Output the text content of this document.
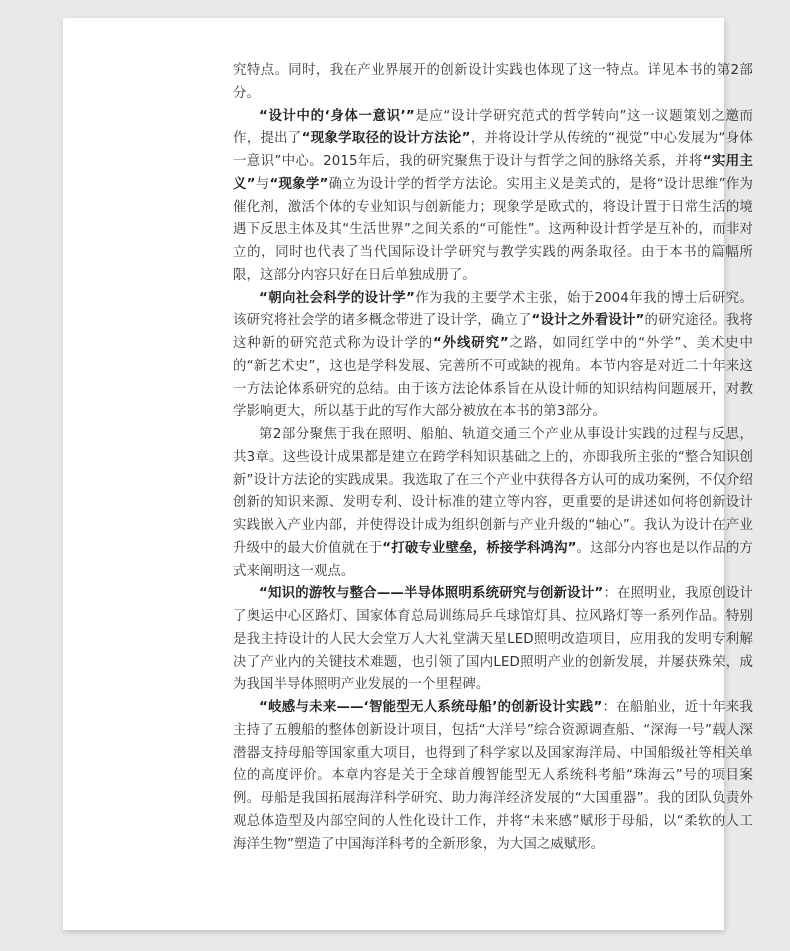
究特点。同时，我在产业界展开的创新设计实践也体现了这一特点。详见本书的第2部分。

“设计中的‘身体一意识’”是应“设计学研究范式的哲学转向”这一议题策划之邀而作，提出了“现象学取径的设计方法论”，并将设计学从传统的“视觉”中心发展为“身体一意识”中心。2015年后，我的研究聚焦于设计与哲学之间的脉络关系，并将“实用主义”与“现象学”确立为设计学的哲学方法论。实用主义是美式的，是将“设计思维”作为催化剂，激活个体的专业知识与创新能力；现象学是欧式的，将设计置于日常生活的境遇下反思主体及其“生活世界”之间关系的“可能性”。这两种设计哲学是互补的，而非对立的，同时也代表了当代国际设计学研究与教学实践的两条取径。由于本书的篇幅所限，这部分内容只好在日后单独成册了。

“朝向社会科学的设计学”作为我的主要学术主张，始于2004年我的博士后研究。该研究将社会学的诸多概念带进了设计学，确立了“设计之外看设计”的研究途径。我将这种新的研究范式称为设计学的“外线研究”之路，如同红学中的“外学”、美术史中的“新艺术史”，这也是学科发展、完善所不可或缺的视角。本节内容是对近二十年来这一方法论体系研究的总结。由于该方法论体系旨在从设计师的知识结构问题展开，对教学影响更大，所以基于此的写作大部分被放在本书的第3部分。

第2部分聚焦于我在照明、船舶、轨道交通三个产业从事设计实践的过程与反思，共3章。这些设计成果都是建立在跨学科知识基础之上的，亦即我所主张的“整合知识创新”设计方法论的实践成果。我选取了在三个产业中获得各方认可的成功案例，不仅介绍创新的知识来源、发明专利、设计标准的建立等内容，更重要的是讲述如何将创新设计实践嵌入产业内部，并使得设计成为组织创新与产业升级的“轴心”。我认为设计在产业升级中的最大价值就在于“打破专业壁垒，桥接学科鸿沟”。这部分内容也是以作品的方式来阐明这一观点。

“知识的游牧与整合——半导体照明系统研究与创新设计”：在照明业，我原创设计了奥运中心区路灯、国家体育总局训练局乒乓球馆灯具、拉风路灯等一系列作品。特别是我主持设计的人民大会堂万人大礼堂满天星LED照明改造项目，应用我的发明专利解决了产业内的关键技术难题，也引领了国内LED照明产业的创新发展，并屡获殊荣，成为我国半导体照明产业发展的一个里程碑。

“岐感与未来——‘智能型无人系统母船’的创新设计实践”：在船舶业，近十年来我主持了五艘船的整体创新设计项目，包括“大洋号”综合资源调查船、“深海一号”载人深潜器支持母船等国家重大项目，也得到了科学家以及国家海洋局、中国船级社等相关单位的高度评价。本章内容是关于全球首艘智能型无人系统科考船“珠海云”号的项目案例。母船是我国拓展海洋科学研究、助力海洋经济发展的“大国重器”。我的团队负责外观总体造型及内部空间的人性化设计工作，并将“未来感”赋形于母船，以“柔软的人工海洋生物”塑造了中国海洋科考的全新形象，为大国之威赋形。
